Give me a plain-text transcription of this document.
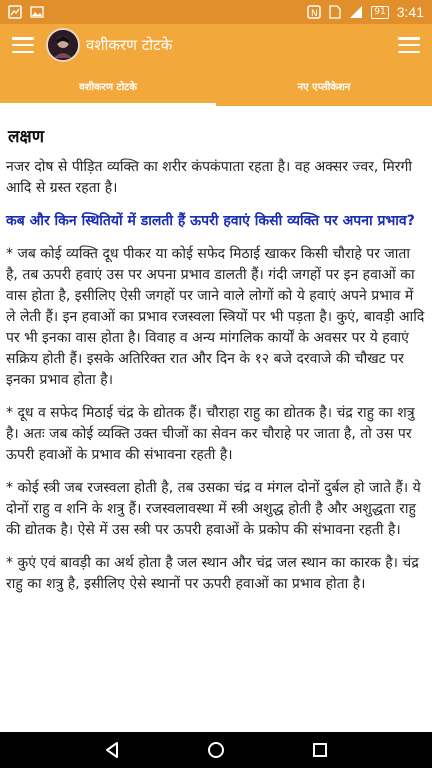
N	91 3:41
वशीकरण टोटके
वशीकरण टोटके	नए एप्लीकेशन
लक्षण

नजर दोष से पीड़ित व्यक्ति का शरीर कंपकंपाता रहता है। वह अक्सर ज्वर, मिरगी आदि से ग्रस्त रहता है।

कब और किन स्थितियों में डालती हैं ऊपरी हवाएं किसी व्यक्ति पर अपना प्रभाव?

* जब कोई व्यक्ति दूध पीकर या कोई सफेद मिठाई खाकर किसी चौराहे पर जाता है, तब ऊपरी हवाएं उस पर अपना प्रभाव डालती हैं। गंदी जगहों पर इन हवाओं का वास होता है, इसीलिए ऐसी जगहों पर जाने वाले लोगों को ये हवाएं अपने प्रभाव में ले लेती हैं। इन हवाओं का प्रभाव रजस्वला स्त्रियों पर भी पड़ता है। कुएं, बावड़ी आदि पर भी इनका वास होता है। विवाह व अन्य मांगलिक कार्यों के अवसर पर ये हवाएं सक्रिय होती हैं। इसके अतिरिक्त रात और दिन के १२ बजे दरवाजे की चौखट पर इनका प्रभाव होता है।

* दूध व सफेद मिठाई चंद्र के द्योतक हैं। चौराहा राहु का द्योतक है। चंद्र राहु का शत्रु है। अतः जब कोई व्यक्ति उक्त चीजों का सेवन कर चौराहे पर जाता है, तो उस पर ऊपरी हवाओं के प्रभाव की संभावना रहती है।

* कोई स्त्री जब रजस्वला होती है, तब उसका चंद्र व मंगल दोनों दुर्बल हो जाते हैं। ये दोनों राहु व शनि के शत्रु हैं। रजस्वलावस्था में स्त्री अशुद्ध होती है और अशुद्धता राहु की द्योतक है। ऐसे में उस स्त्री पर ऊपरी हवाओं के प्रकोप की संभावना रहती है।

* कुएं एवं बावड़ी का अर्थ होता है जल स्थान और चंद्र जल स्थान का कारक है। चंद्र राहु का शत्रु है, इसीलिए ऐसे स्थानों पर ऊपरी हवाओं का प्रभाव होता है।
